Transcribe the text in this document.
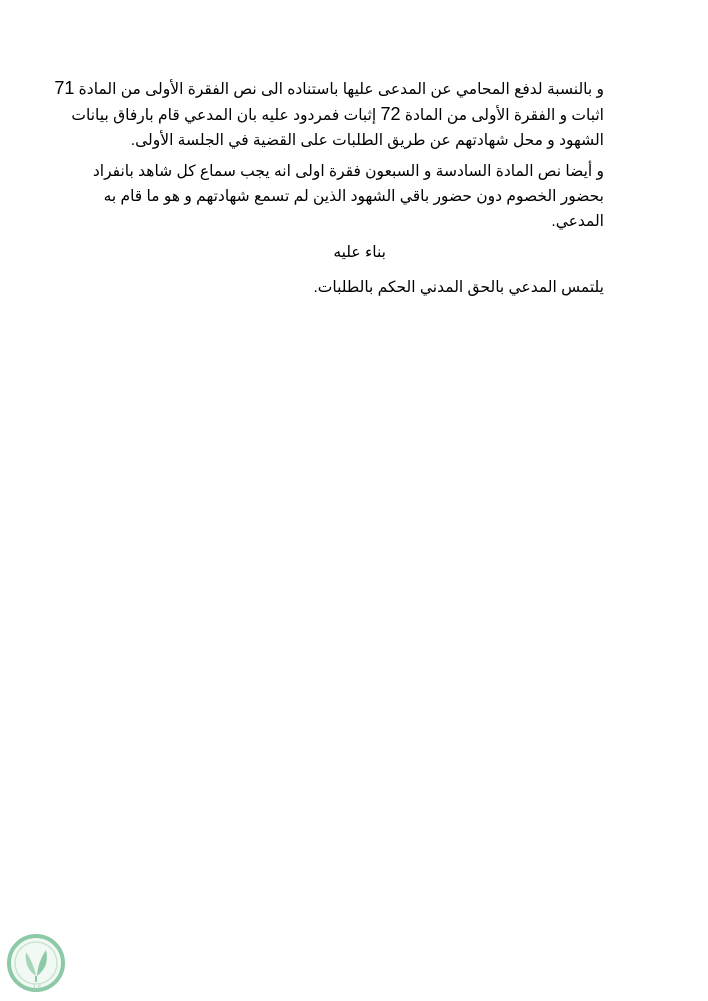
و بالنسبة لدفع المحامي عن المدعى عليها باستناده الى نص الفقرة الأولى من المادة 71
اثبات و الفقرة الأولى من المادة 72 إثبات فمردود عليه بان المدعي قام بارفاق بيانات
الشهود و محل شهادتهم عن طريق الطلبات على القضية في الجلسة الأولى.

و أيضا نص المادة السادسة و السبعون فقرة اولى انه يجب سماع كل شاهد بانفراد
بحضور الخصوم دون حضور باقي الشهود الذين لم تسمع شهادتهم و هو ما قام به
المدعي.

بناء عليه

يلتمس المدعي بالحق المدني الحكم بالطلبات.

كـلـ
